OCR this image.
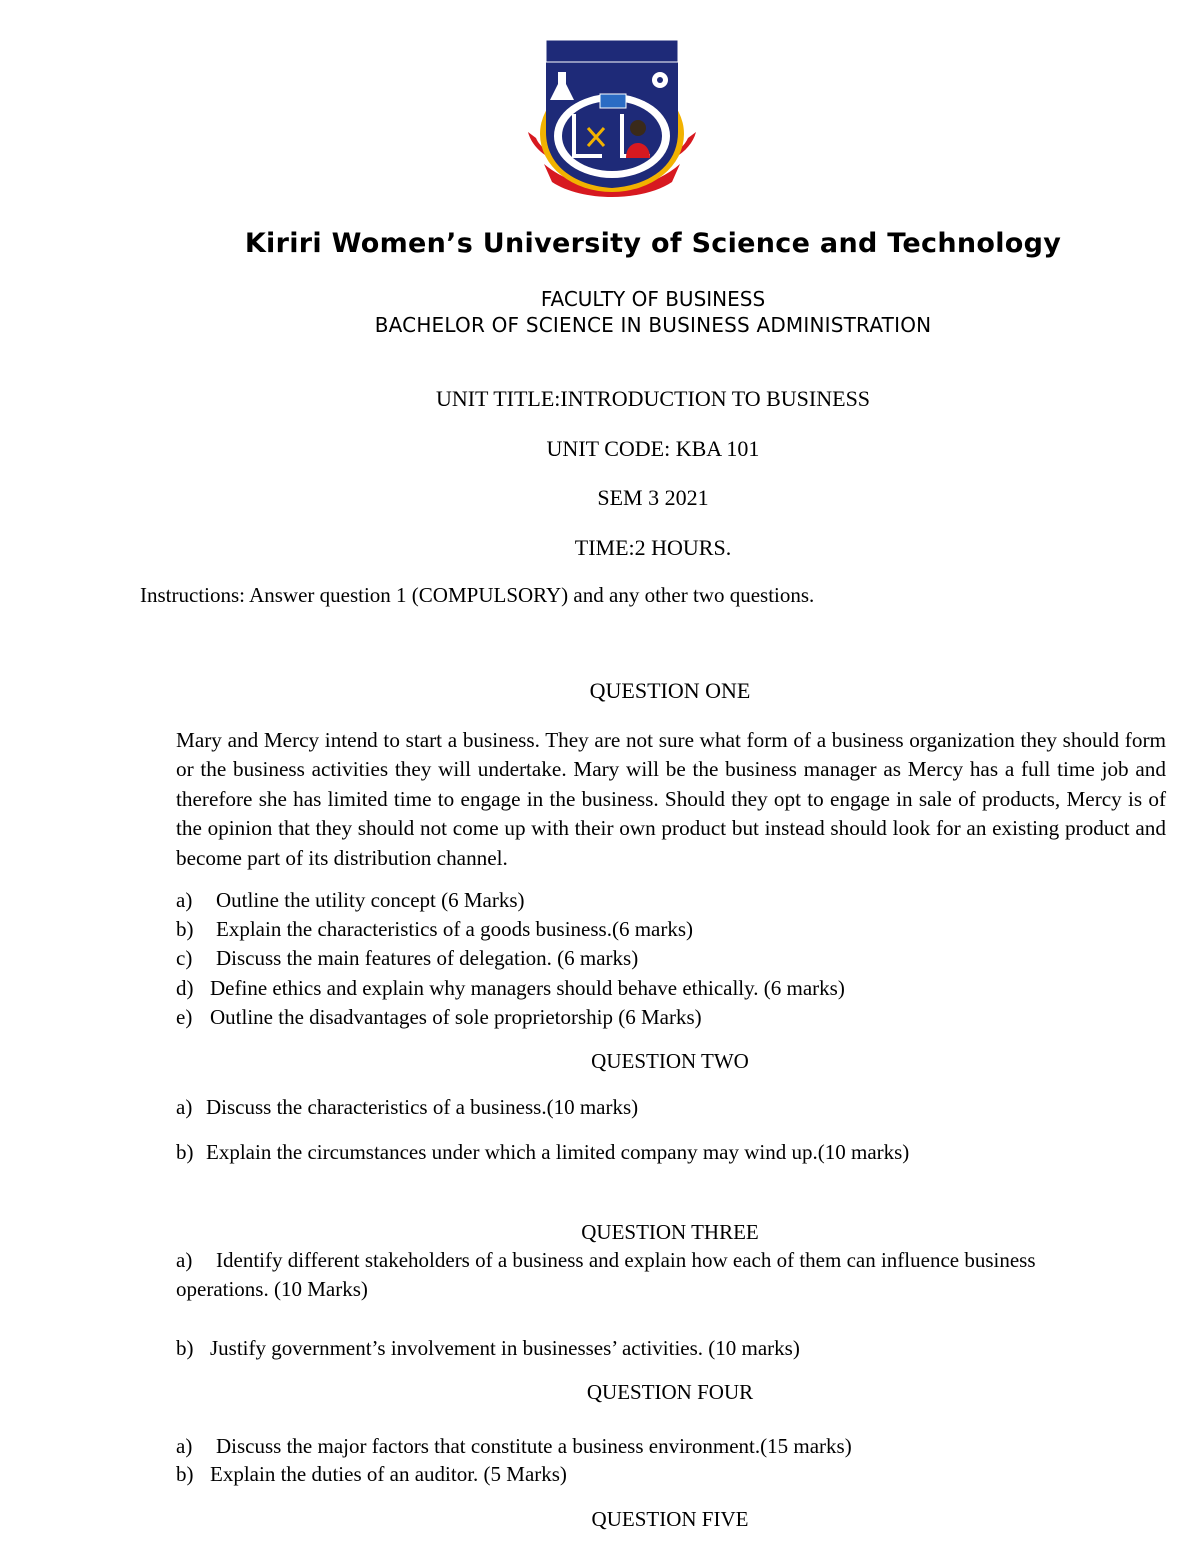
Kiriri Women’s University of Science and Technology
FACULTY OF BUSINESS
BACHELOR OF SCIENCE IN BUSINESS ADMINISTRATION
UNIT TITLE:INTRODUCTION TO BUSINESS
UNIT CODE: KBA 101
SEM 3 2021
TIME:2 HOURS.
Instructions: Answer question 1 (COMPULSORY) and any other two questions.
QUESTION ONE
Mary and Mercy intend to start a business. They are not sure what form of a business organization they should form or the business activities they will undertake. Mary will be the business manager as Mercy has a full time job and therefore she has limited time to engage in the business. Should they opt to engage in sale of products, Mercy is of the opinion that they should not come up with their own product but instead should look for an existing product and become part of its distribution channel.
a) Outline the utility concept (6 Marks)
b) Explain the characteristics of a goods business.(6 marks)
c) Discuss the main features of delegation. (6 marks)
d) Define ethics and explain why managers should behave ethically. (6 marks)
e) Outline the disadvantages of sole proprietorship (6 Marks)
QUESTION TWO
a) Discuss the characteristics of a business.(10 marks)
b) Explain the circumstances under which a limited company may wind up.(10 marks)
QUESTION THREE
a) Identify different stakeholders of a business and explain how each of them can influence business
operations. (10 Marks)
b) Justify government’s involvement in businesses’ activities. (10 marks)
QUESTION FOUR
a) Discuss the major factors that constitute a business environment.(15 marks)
b) Explain the duties of an auditor. (5 Marks)
QUESTION FIVE
